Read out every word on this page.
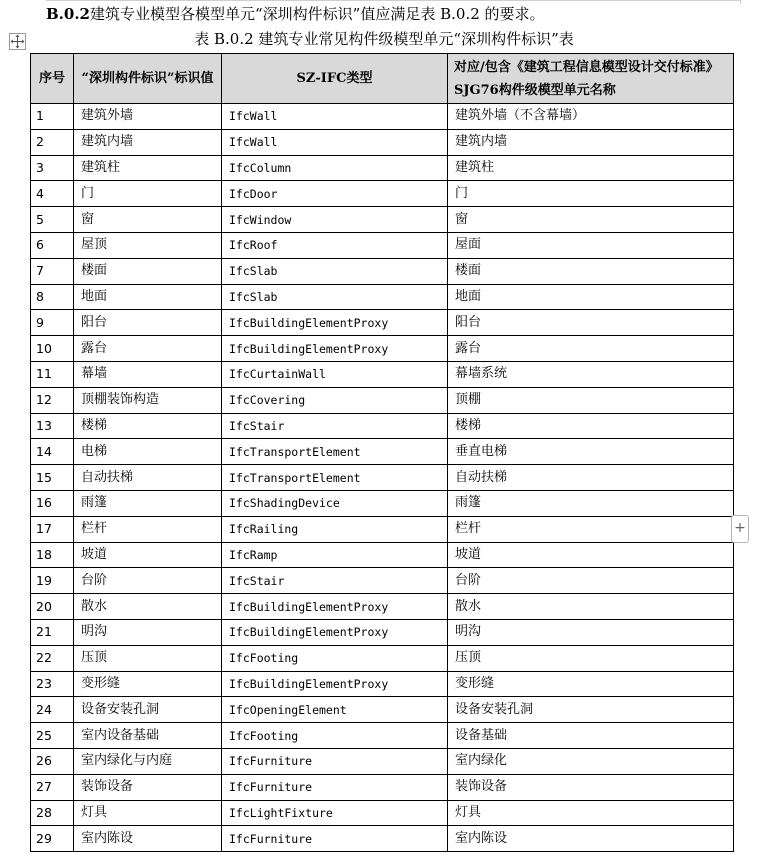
B.0.2建筑专业模型各模型单元“深圳构件标识”值应满足表 B.0.2 的要求。
表 B.0.2 建筑专业常见构件级模型单元“深圳构件标识”表
序号	“深圳构件标识”标识值	SZ-IFC类型	对应/包含《建筑工程信息模型设计交付标准》SJG76构件级模型单元名称
1	建筑外墙	IfcWall	建筑外墙（不含幕墙）
2	建筑内墙	IfcWall	建筑内墙
3	建筑柱	IfcColumn	建筑柱
4	门	IfcDoor	门
5	窗	IfcWindow	窗
6	屋顶	IfcRoof	屋面
7	楼面	IfcSlab	楼面
8	地面	IfcSlab	地面
9	阳台	IfcBuildingElementProxy	阳台
10	露台	IfcBuildingElementProxy	露台
11	幕墙	IfcCurtainWall	幕墙系统
12	顶棚装饰构造	IfcCovering	顶棚
13	楼梯	IfcStair	楼梯
14	电梯	IfcTransportElement	垂直电梯
15	自动扶梯	IfcTransportElement	自动扶梯
16	雨篷	IfcShadingDevice	雨篷
17	栏杆	IfcRailing	栏杆
18	坡道	IfcRamp	坡道
19	台阶	IfcStair	台阶
20	散水	IfcBuildingElementProxy	散水
21	明沟	IfcBuildingElementProxy	明沟
22	压顶	IfcFooting	压顶
23	变形缝	IfcBuildingElementProxy	变形缝
24	设备安装孔洞	IfcOpeningElement	设备安装孔洞
25	室内设备基础	IfcFooting	设备基础
26	室内绿化与内庭	IfcFurniture	室内绿化
27	装饰设备	IfcFurniture	装饰设备
28	灯具	IfcLightFixture	灯具
29	室内陈设	IfcFurniture	室内陈设
+
